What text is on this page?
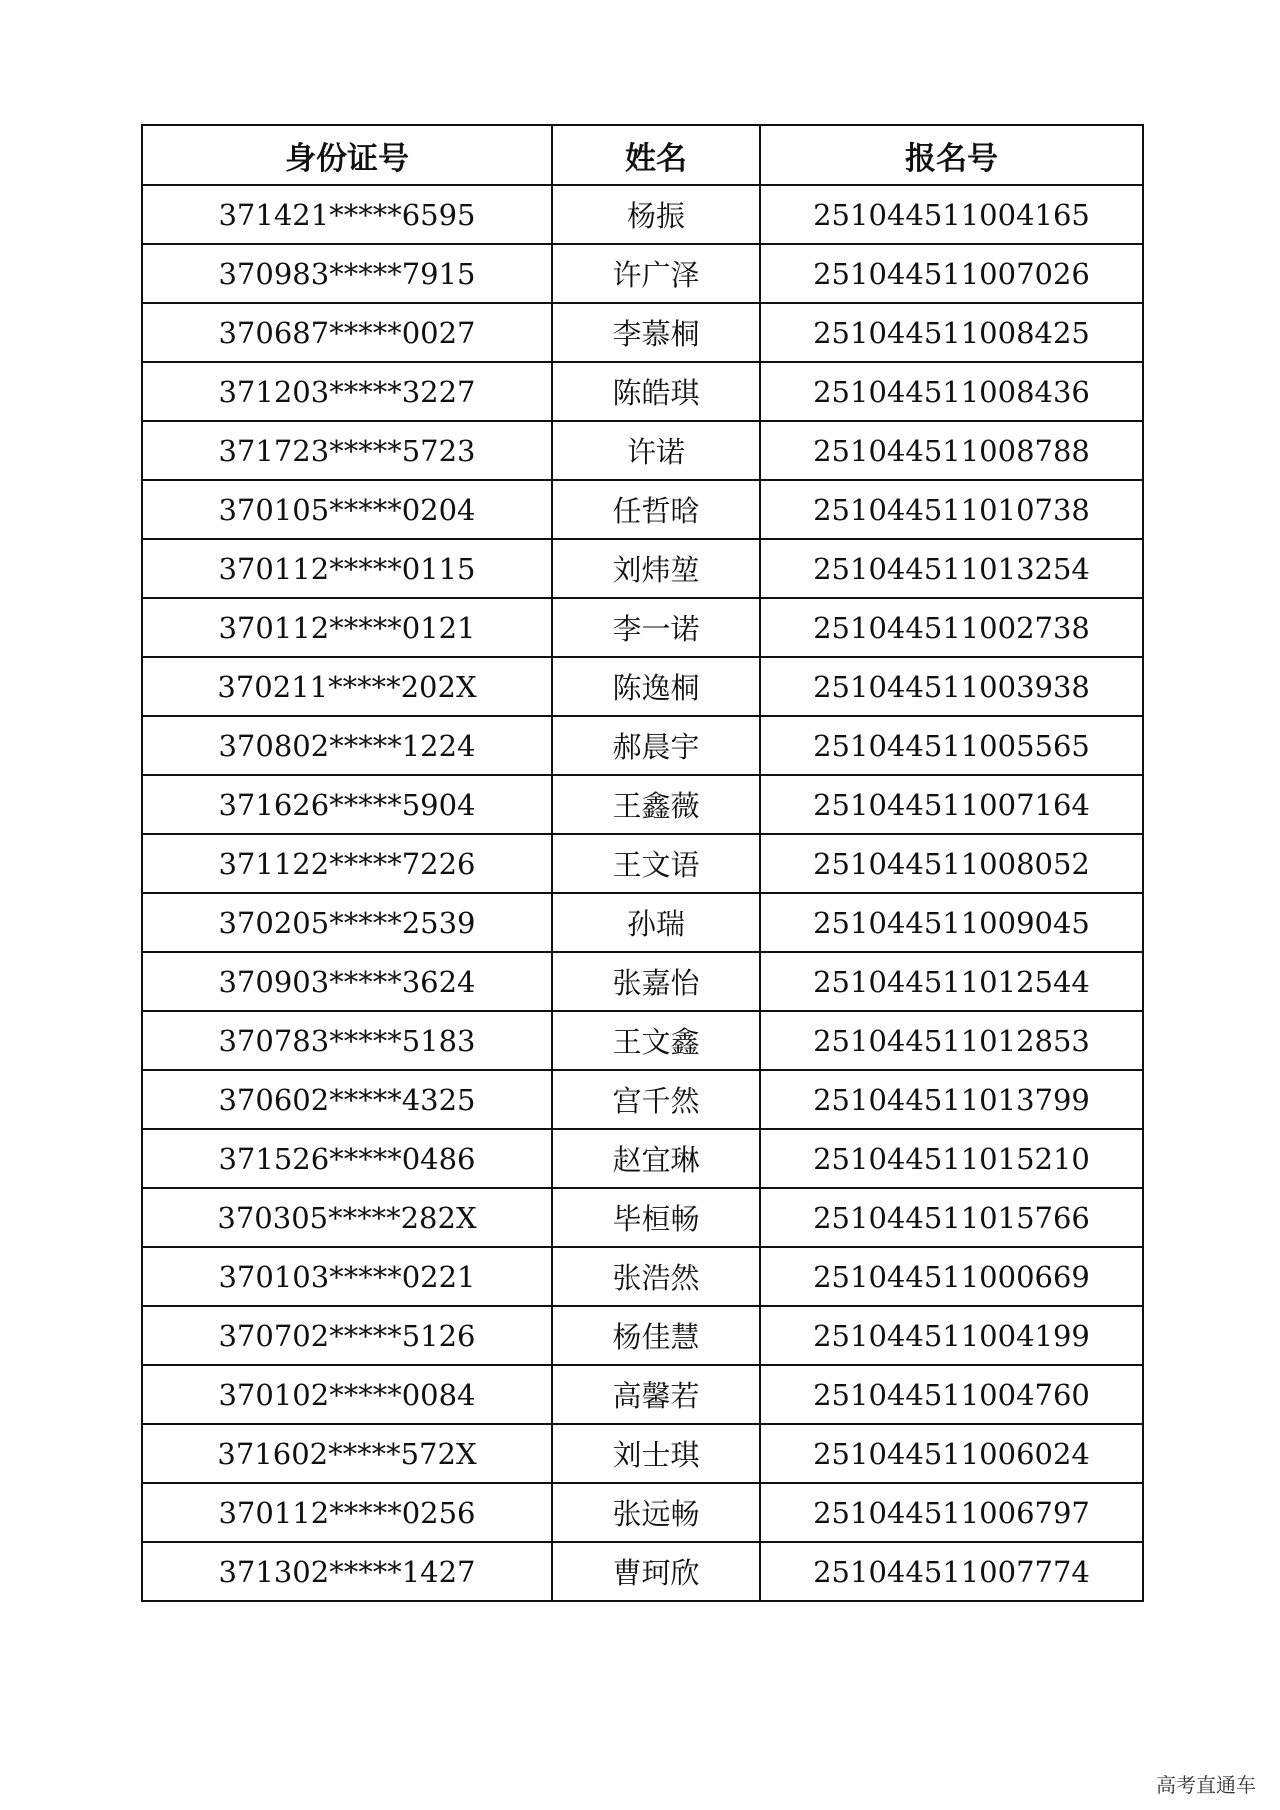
身份证号	姓名	报名号
371421*****6595	杨振	251044511004165
370983*****7915	许广泽	251044511007026
370687*****0027	李慕桐	251044511008425
371203*****3227	陈皓琪	251044511008436
371723*****5723	许诺	251044511008788
370105*****0204	任哲晗	251044511010738
370112*****0115	刘炜堃	251044511013254
370112*****0121	李一诺	251044511002738
370211*****202X	陈逸桐	251044511003938
370802*****1224	郝晨宇	251044511005565
371626*****5904	王鑫薇	251044511007164
371122*****7226	王文语	251044511008052
370205*****2539	孙瑞	251044511009045
370903*****3624	张嘉怡	251044511012544
370783*****5183	王文鑫	251044511012853
370602*****4325	宫千然	251044511013799
371526*****0486	赵宜琳	251044511015210
370305*****282X	毕桓畅	251044511015766
370103*****0221	张浩然	251044511000669
370702*****5126	杨佳慧	251044511004199
370102*****0084	高馨若	251044511004760
371602*****572X	刘士琪	251044511006024
370112*****0256	张远畅	251044511006797
371302*****1427	曹珂欣	251044511007774
高考直通车
